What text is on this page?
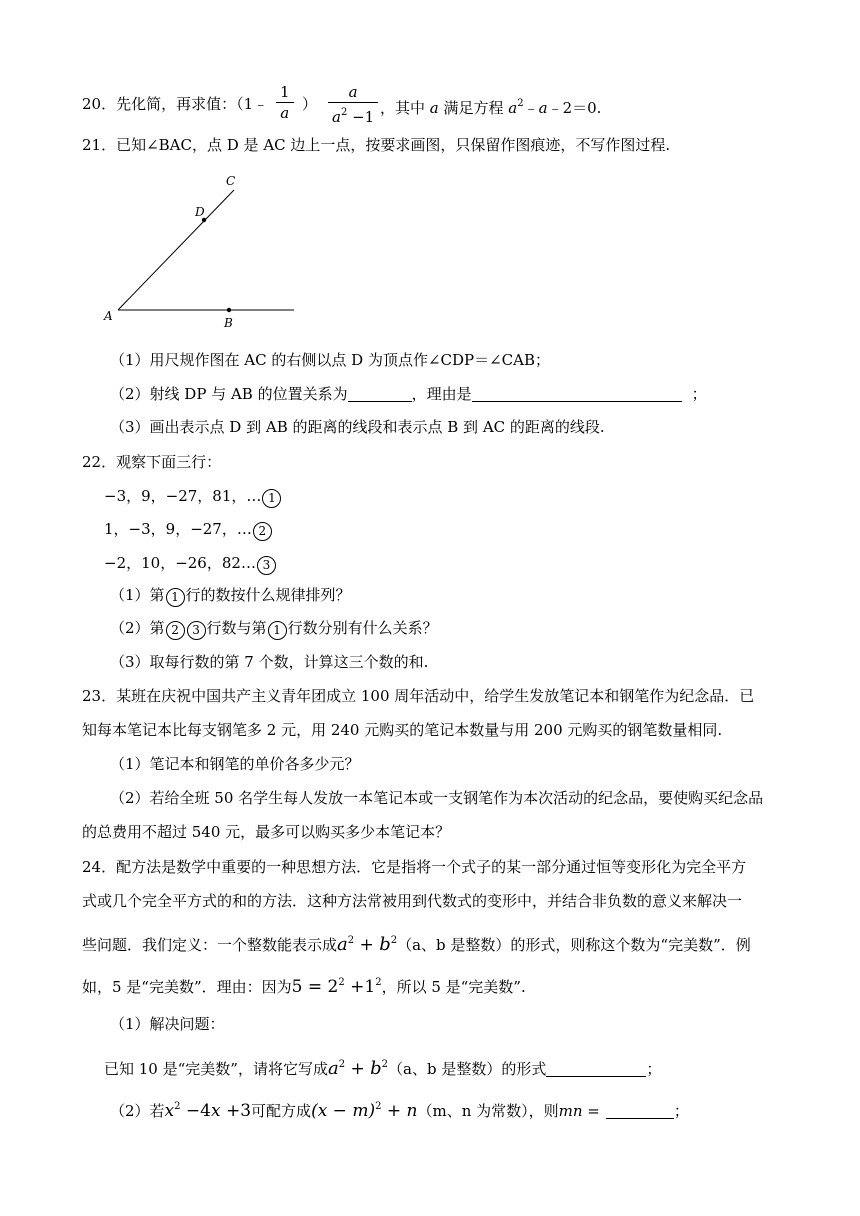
20．先化简，再求值：（1﹣ $\frac{1}{a}$ ） $\frac{a}{a^2 -1}$ ，其中 a 满足方程 $a^2﹣a﹣2=0$.
21．已知∠BAC，点 D 是 AC 边上一点，按要求画图，只保留作图痕迹，不写作图过程.
C
D
A	B
（1）用尺规作图在 AC 的右侧以点 D 为顶点作∠CDP＝∠CAB；
（2）射线 DP 与 AB 的位置关系为	，理由是	；
（3）画出表示点 D 到 AB 的距离的线段和表示点 B 到 AC 的距离的线段.
22．观察下面三行：
−3，9，−27，81，… 1
1，−3，9，−27，… 2
−2，10，−26，82… 3
（1）第 1 行的数按什么规律排列？
（2）第 2 3 行数与第 1 行数分别有什么关系？
（3）取每行数的第 7 个数，计算这三个数的和.
23．某班在庆祝中国共产主义青年团成立 100 周年活动中，给学生发放笔记本和钢笔作为纪念品．已
知每本笔记本比每支钢笔多 2 元，用 240 元购买的笔记本数量与用 200 元购买的钢笔数量相同.
（1）笔记本和钢笔的单价各多少元？
（2）若给全班 50 名学生每人发放一本笔记本或一支钢笔作为本次活动的纪念品，要使购买纪念品
的总费用不超过 540 元，最多可以购买多少本笔记本？
24．配方法是数学中重要的一种思想方法．它是指将一个式子的某一部分通过恒等变形化为完全平方
式或几个完全平方式的和的方法．这种方法常被用到代数式的变形中，并结合非负数的意义来解决一
些问题．我们定义：一个整数能表示成$a^2 + b^2(a$、b 是整数）的形式，则称这个数为“完美数”．例
如，5 是“完美数”．理由：因为$5 = 2^2 +1^2$，所以 5 是“完美数”.
（1）解决问题：
已知 10 是“完美数”，请将它写成$a^2 + b^2(a$、b 是整数）的形式	；
（2）若$x^2 -4x +3$可配方成$(x - m)^2 + n(m$、n 为常数），则mn =	；
